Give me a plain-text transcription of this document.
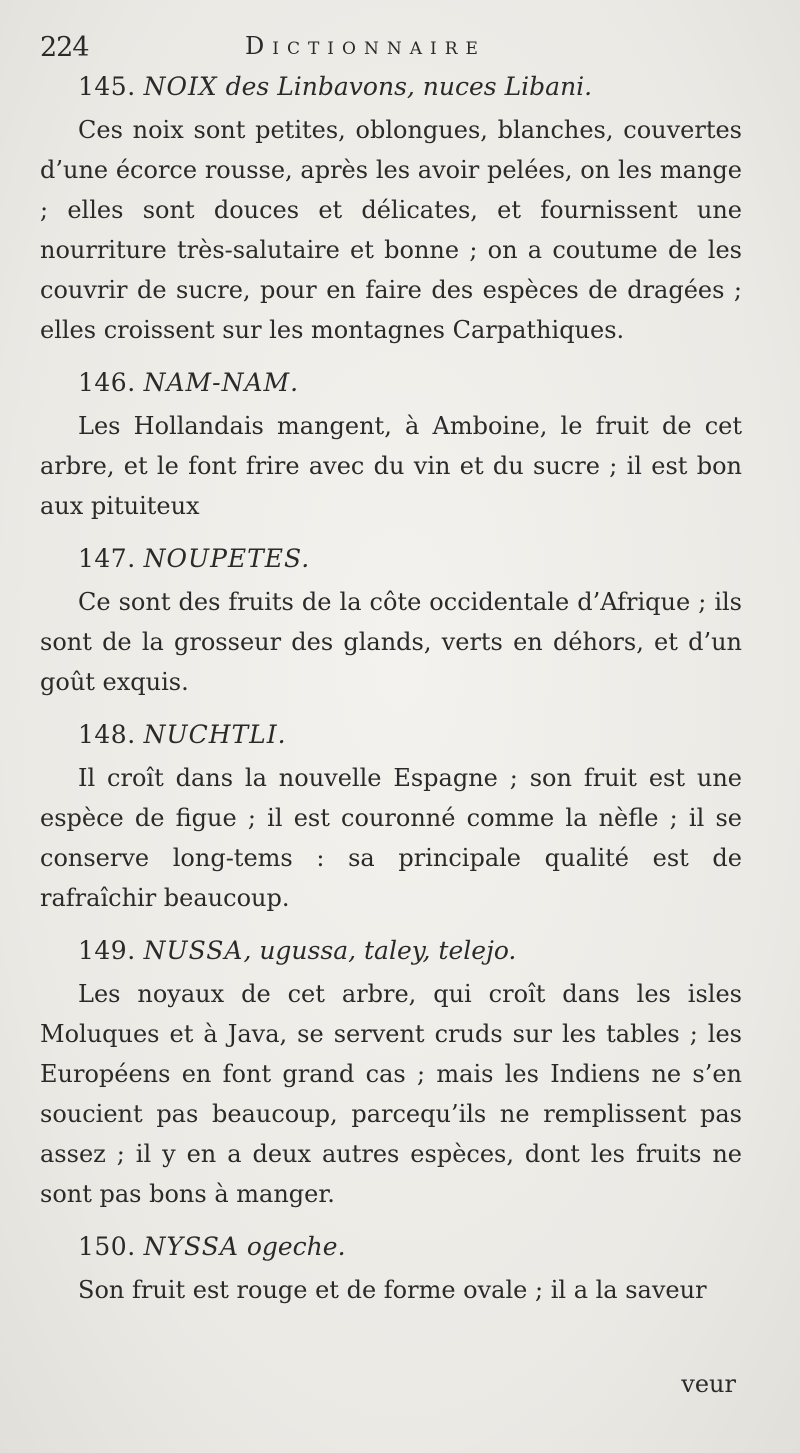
224	Dictionnaire
145. NOIX des Linbavons, nuces Libani.

Ces noix sont petites, oblongues, blanches, couvertes d’une écorce rousse, après les avoir pelées, on les mange ; elles sont douces et délicates, et fournissent une nourriture très-salutaire et bonne ; on a coutume de les couvrir de sucre, pour en faire des espèces de dragées ; elles croissent sur les montagnes Carpathiques.

146. NAM-NAM.

Les Hollandais mangent, à Amboine, le fruit de cet arbre, et le font frire avec du vin et du sucre ; il est bon aux pituiteux

147. NOUPETES.

Ce sont des fruits de la côte occidentale d’Afrique ; ils sont de la grosseur des glands, verts en déhors, et d’un goût exquis.

148. NUCHTLI.

Il croît dans la nouvelle Espagne ; son fruit est une espèce de figue ; il est couronné comme la nèfle ; il se conserve long-tems : sa principale qualité est de rafraîchir beaucoup.

149. NUSSA, ugussa, taley, telejo.

Les noyaux de cet arbre, qui croît dans les isles Moluques et à Java, se servent cruds sur les tables ; les Européens en font grand cas ; mais les Indiens ne s’en soucient pas beaucoup, parcequ’ils ne remplissent pas assez ; il y en a deux autres espèces, dont les fruits ne sont pas bons à manger.

150. NYSSA ogeche.

Son fruit est rouge et de forme ovale ; il a la saveur

veur
